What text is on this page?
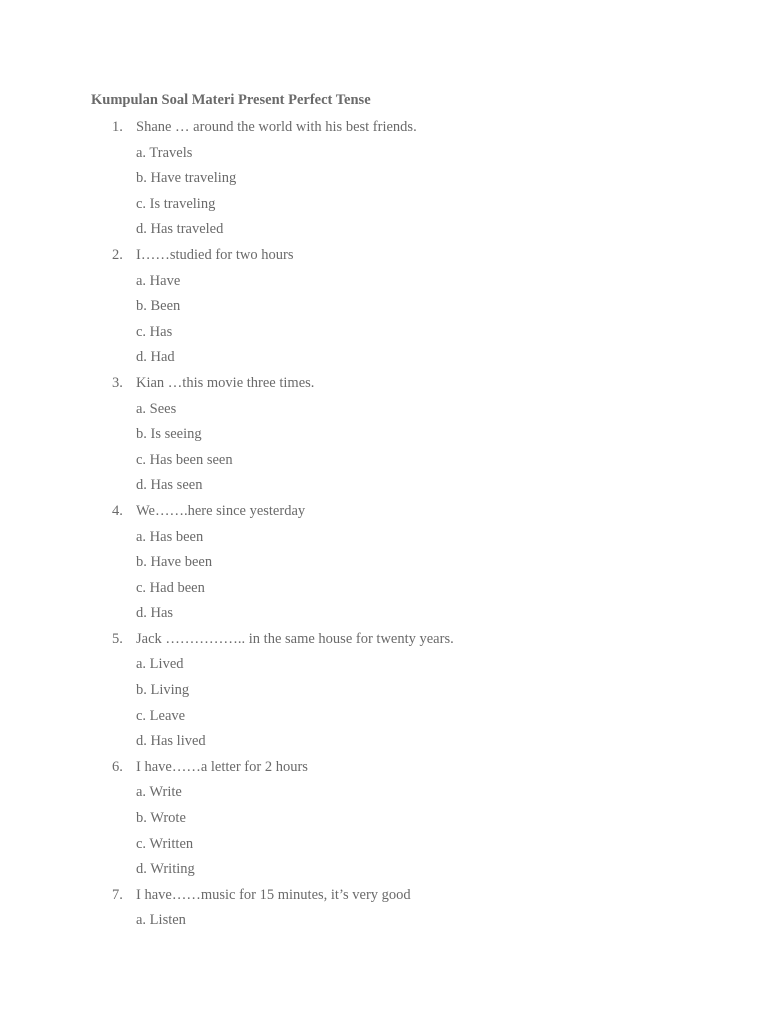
Kumpulan Soal Materi Present Perfect Tense
1. Shane … around the world with his best friends.
a. Travels
b. Have traveling
c. Is traveling
d. Has traveled
2. I……studied for two hours
a. Have
b. Been
c. Has
d. Had
3. Kian …this movie three times.
a. Sees
b. Is seeing
c. Has been seen
d. Has seen
4. We…….here since yesterday
a. Has been
b. Have been
c. Had been
d. Has
5. Jack …………….. in the same house for twenty years.
a. Lived
b. Living
c. Leave
d. Has lived
6. I have……a letter for 2 hours
a. Write
b. Wrote
c. Written
d. Writing
7. I have……music for 15 minutes, it’s very good
a. Listen
